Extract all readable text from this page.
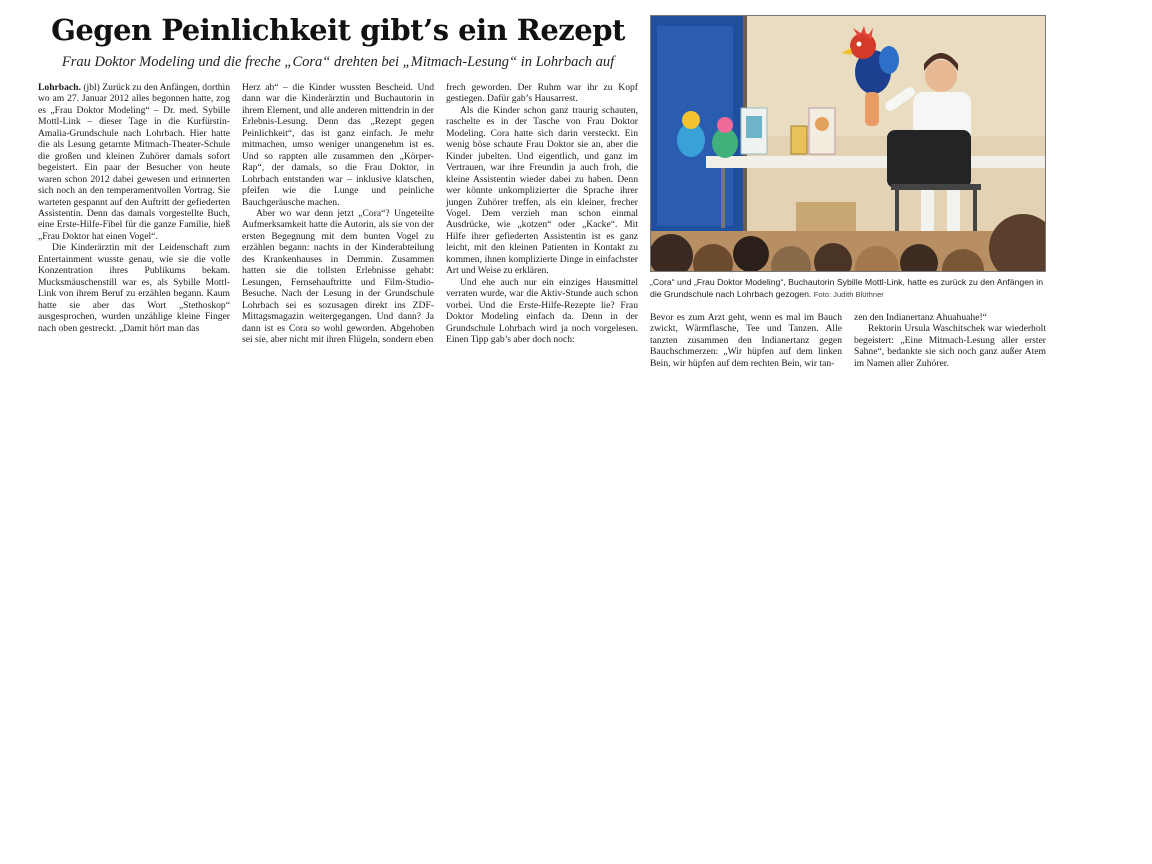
Gegen Peinlichkeit gibt’s ein Rezept

Frau Doktor Modeling und die freche „Cora“ drehten bei „Mitmach-Lesung“ in Lohrbach auf

Lohrbach. (jbl) Zurück zu den Anfängen, dorthin wo am 27. Januar 2012 alles begonnen hatte, zog es „Frau Doktor Modeling“ – Dr. med. Sybille Mottl-Link – dieser Tage in die Kurfürstin-Amalia-Grundschule nach Lohrbach. Hier hatte die als Lesung getarnte Mitmach-Theater-Schule die großen und kleinen Zuhörer damals sofort begeistert. Ein paar der Besucher von heute waren schon 2012 dabei gewesen und erinnerten sich noch an den temperamentvollen Vortrag. Sie warteten gespannt auf den Auftritt der gefiederten Assistentin. Denn das damals vorgestellte Buch, eine Erste-Hilfe-Fibel für die ganze Familie, hieß „Frau Doktor hat einen Vogel“.

Die Kinderärztin mit der Leidenschaft zum Entertainment wusste genau, wie sie die volle Konzentration ihres Publikums bekam. Mucksmäuschenstill war es, als Sybille Mottl-Link von ihrem Beruf zu erzählen begann. Kaum hatte sie aber das Wort „Stethoskop“ ausgesprochen, wurden unzählige kleine Finger nach oben gestreckt. „Damit hört man das

Herz ab“ – die Kinder wussten Bescheid. Und dann war die Kinderärztin und Buchautorin in ihrem Element, und alle anderen mittendrin in der Erlebnis-Lesung. Denn das „Rezept gegen Peinlichkeit“, das ist ganz einfach. Je mehr mitmachen, umso weniger unangenehm ist es. Und so rappten alle zusammen den „Körper-Rap“, der damals, so die Frau Doktor, in Lohrbach entstanden war – inklusive klatschen, pfeifen wie die Lunge und peinliche Bauchgeräusche machen.

Aber wo war denn jetzt „Cora“? Ungeteilte Aufmerksamkeit hatte die Autorin, als sie von der ersten Begegnung mit dem bunten Vogel zu erzählen begann: nachts in der Kinderabteilung des Krankenhauses in Demmin. Zusammen hatten sie die tollsten Erlebnisse gehabt: Lesungen, Fernsehauftritte und Film-Studio-Besuche. Nach der Lesung in der Grundschule Lohrbach sei es sozusagen direkt ins ZDF-Mittagsmagazin weitergegangen. Und dann? Ja dann ist es Cora so wohl geworden. Abgehoben sei sie, aber nicht mit ihren Flügeln, sondern eben

frech geworden. Der Ruhm war ihr zu Kopf gestiegen. Dafür gab’s Hausarrest.

Als die Kinder schon ganz traurig schauten, raschelte es in der Tasche von Frau Doktor Modeling. Cora hatte sich darin versteckt. Ein wenig böse schaute Frau Doktor sie an, aber die Kinder jubelten. Und eigentlich, und ganz im Vertrauen, war ihre Freundin ja auch froh, die kleine Assistentin wieder dabei zu haben. Denn wer könnte unkomplizierter die Sprache ihrer jungen Zuhörer treffen, als ein kleiner, frecher Vogel. Dem verzieh man schon einmal Ausdrücke, wie „kotzen“ oder „Kacke“. Mit Hilfe ihrer gefiederten Assistentin ist es ganz leicht, mit den kleinen Patienten in Kontakt zu kommen, ihnen komplizierte Dinge in einfachster Art und Weise zu erklären.

Und ehe auch nur ein einziges Hausmittel verraten wurde, war die Aktiv-Stunde auch schon vorbei. Und die Erste-Hilfe-Rezepte lie? Frau Doktor Modeling einfach da. Denn in der Grundschule Lohrbach wird ja noch vorgelesen. Einen Tipp gab’s aber doch noch:

„Cora“ und „Frau Doktor Modeling“, Buchautorin Sybille Mottl-Link, hatte es zurück zu den Anfängen in die Grundschule nach Lohrbach gezogen. Foto: Judith Blüthner

Bevor es zum Arzt geht, wenn es mal im Bauch zwickt, Wärmflasche, Tee und Tanzen. Alle tanzten zusammen den Indianertanz gegen Bauchschmerzen: „Wir hüpfen auf dem linken Bein, wir hüpfen auf dem rechten Bein, wir tan-

zen den Indianertanz Ahuahuahe!“

Rektorin Ursula Waschitschek war wiederholt begeistert: „Eine Mitmach-Lesung aller erster Sahne“, bedankte sie sich noch ganz außer Atem im Namen aller Zuhörer.
